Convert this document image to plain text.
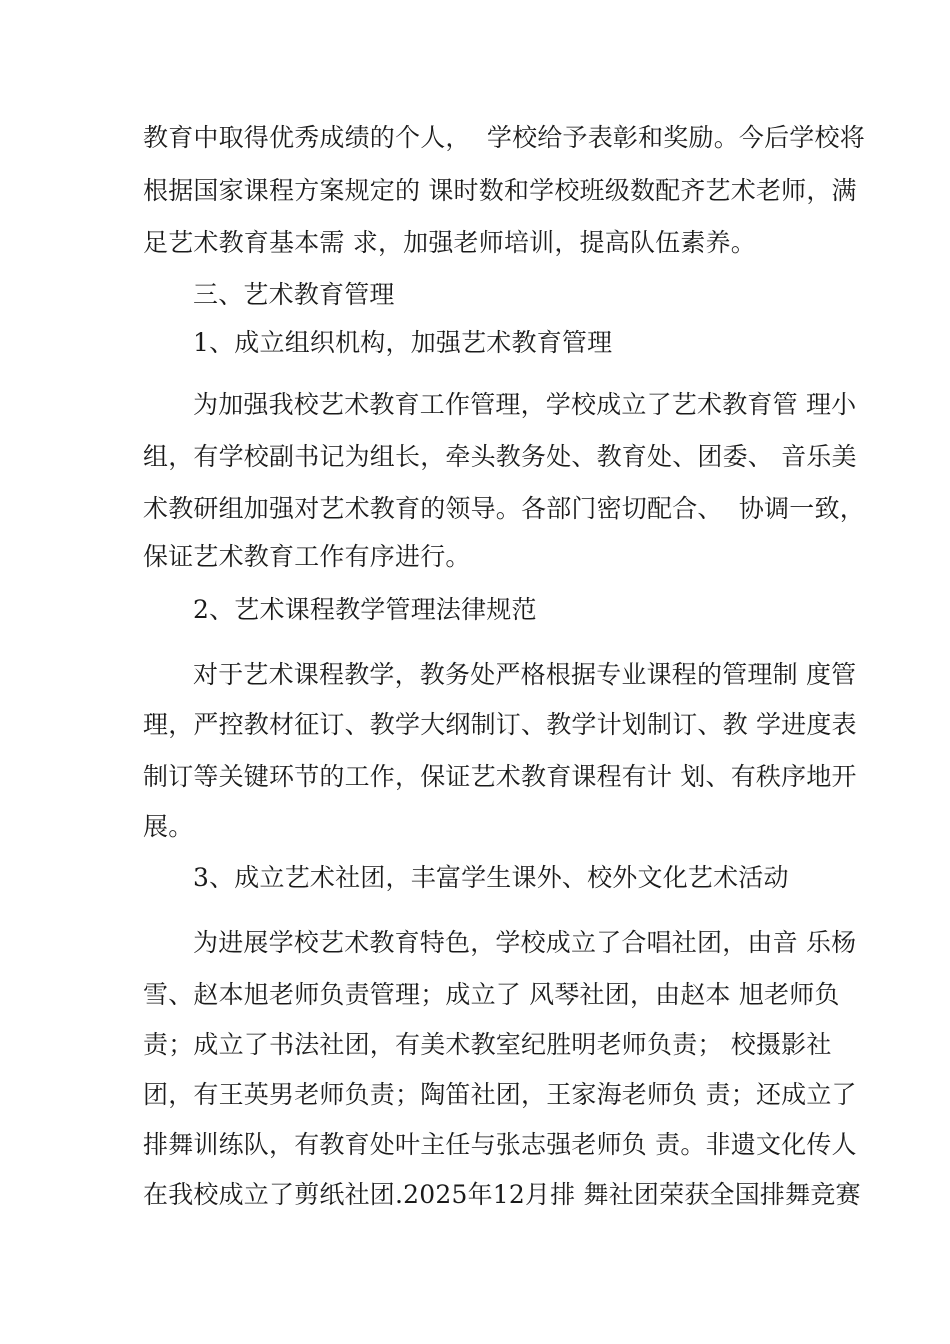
教育中取得优秀成绩的个人，  学校给予表彰和奖励。今后学校将
根据国家课程方案规定的 课时数和学校班级数配齐艺术老师，满
足艺术教育基本需 求，加强老师培训，提高队伍素养。
三、艺术教育管理
1、成立组织机构，加强艺术教育管理
为加强我校艺术教育工作管理，学校成立了艺术教育管 理小
组，有学校副书记为组长，牵头教务处、教育处、团委、 音乐美
术教研组加强对艺术教育的领导。各部门密切配合、  协调一致，
保证艺术教育工作有序进行。
2、艺术课程教学管理法律规范
对于艺术课程教学，教务处严格根据专业课程的管理制 度管
理，严控教材征订、教学大纲制订、教学计划制订、教 学进度表
制订等关键环节的工作，保证艺术教育课程有计 划、有秩序地开
展。
3、成立艺术社团，丰富学生课外、校外文化艺术活动
为进展学校艺术教育特色，学校成立了合唱社团，由音 乐杨
雪、赵本旭老师负责管理；成立了 风琴社团，由赵本 旭老师负
责；成立了书法社团，有美术教室纪胜明老师负责； 校摄影社
团，有王英男老师负责；陶笛社团，王家海老师负 责；还成立了
排舞训练队，有教育处叶主任与张志强老师负 责。非遗文化传人
在我校成立了剪纸社团.2025年12月排 舞社团荣获全国排舞竞赛
